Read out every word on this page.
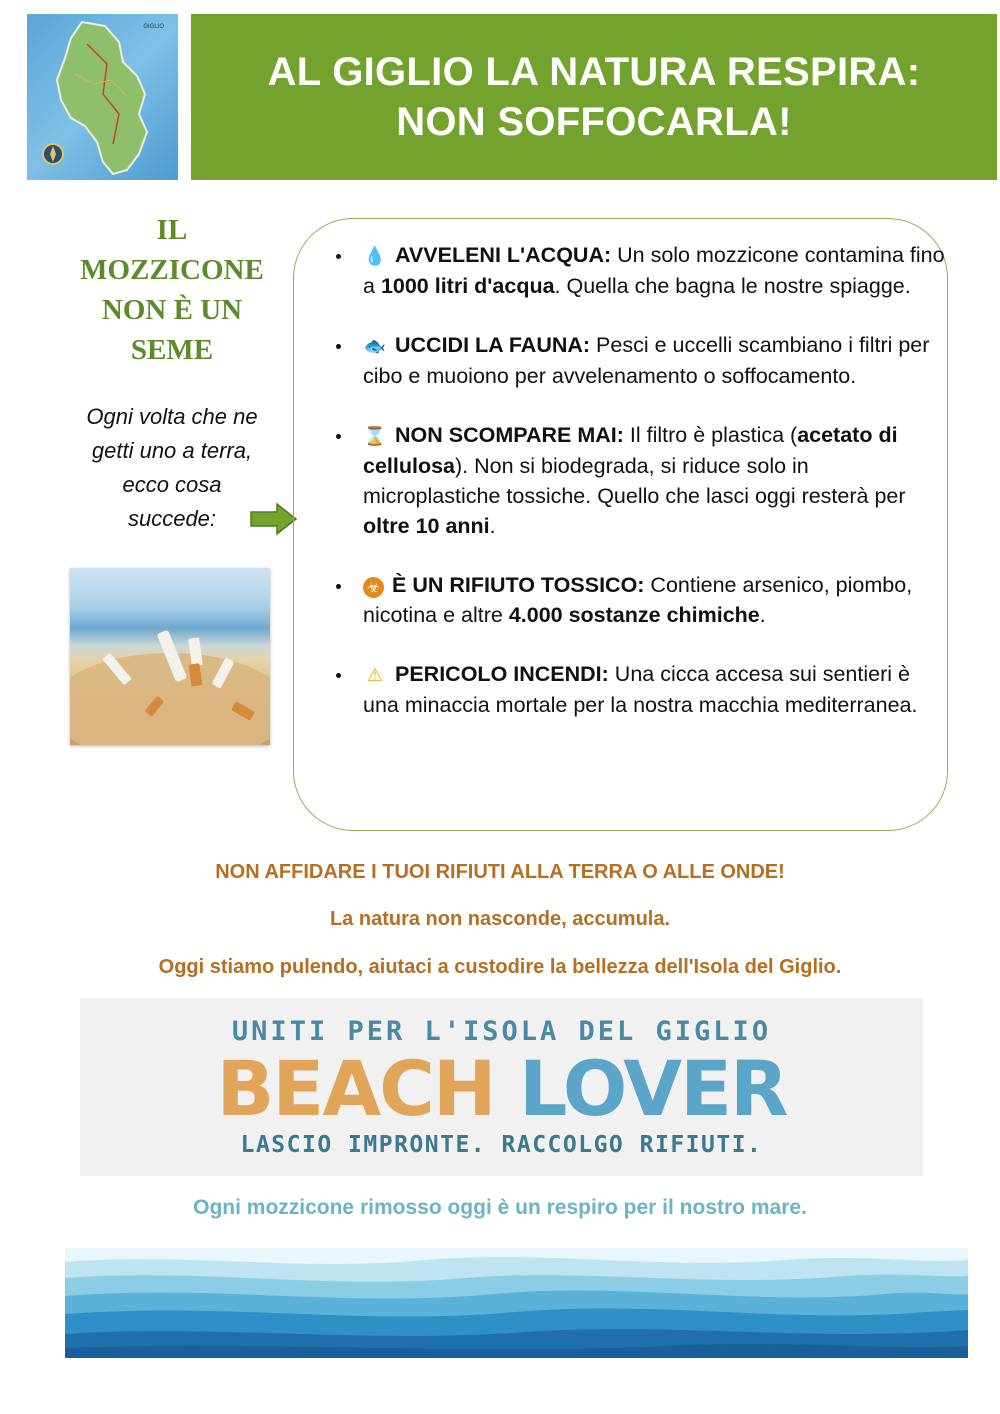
GIGLIO
AL GIGLIO LA NATURA RESPIRA:
NON SOFFOCARLA!
IL
MOZZICONE
NON È UN
SEME
Ogni volta che ne
getti uno a terra,
ecco cosa
succede:
💧 AVVELENI L'ACQUA: Un solo mozzicone contamina fino a 1000 litri d'acqua. Quella che bagna le nostre spiagge.
🐟 UCCIDI LA FAUNA: Pesci e uccelli scambiano i filtri per cibo e muoiono per avvelenamento o soffocamento.
⌛ NON SCOMPARE MAI: Il filtro è plastica (acetato di cellulosa). Non si biodegrada, si riduce solo in microplastiche tossiche. Quello che lasci oggi resterà per oltre 10 anni.
☣ È UN RIFIUTO TOSSICO: Contiene arsenico, piombo, nicotina e altre 4.000 sostanze chimiche.
⚠ PERICOLO INCENDI: Una cicca accesa sui sentieri è una minaccia mortale per la nostra macchia mediterranea.
NON AFFIDARE I TUOI RIFIUTI ALLA TERRA O ALLE ONDE!
La natura non nasconde, accumula.
Oggi stiamo pulendo, aiutaci a custodire la bellezza dell'Isola del Giglio.
UNITI PER L'ISOLA DEL GIGLIO
BEACH LOVER
LASCIO IMPRONTE. RACCOLGO RIFIUTI.
Ogni mozzicone rimosso oggi è un respiro per il nostro mare.
